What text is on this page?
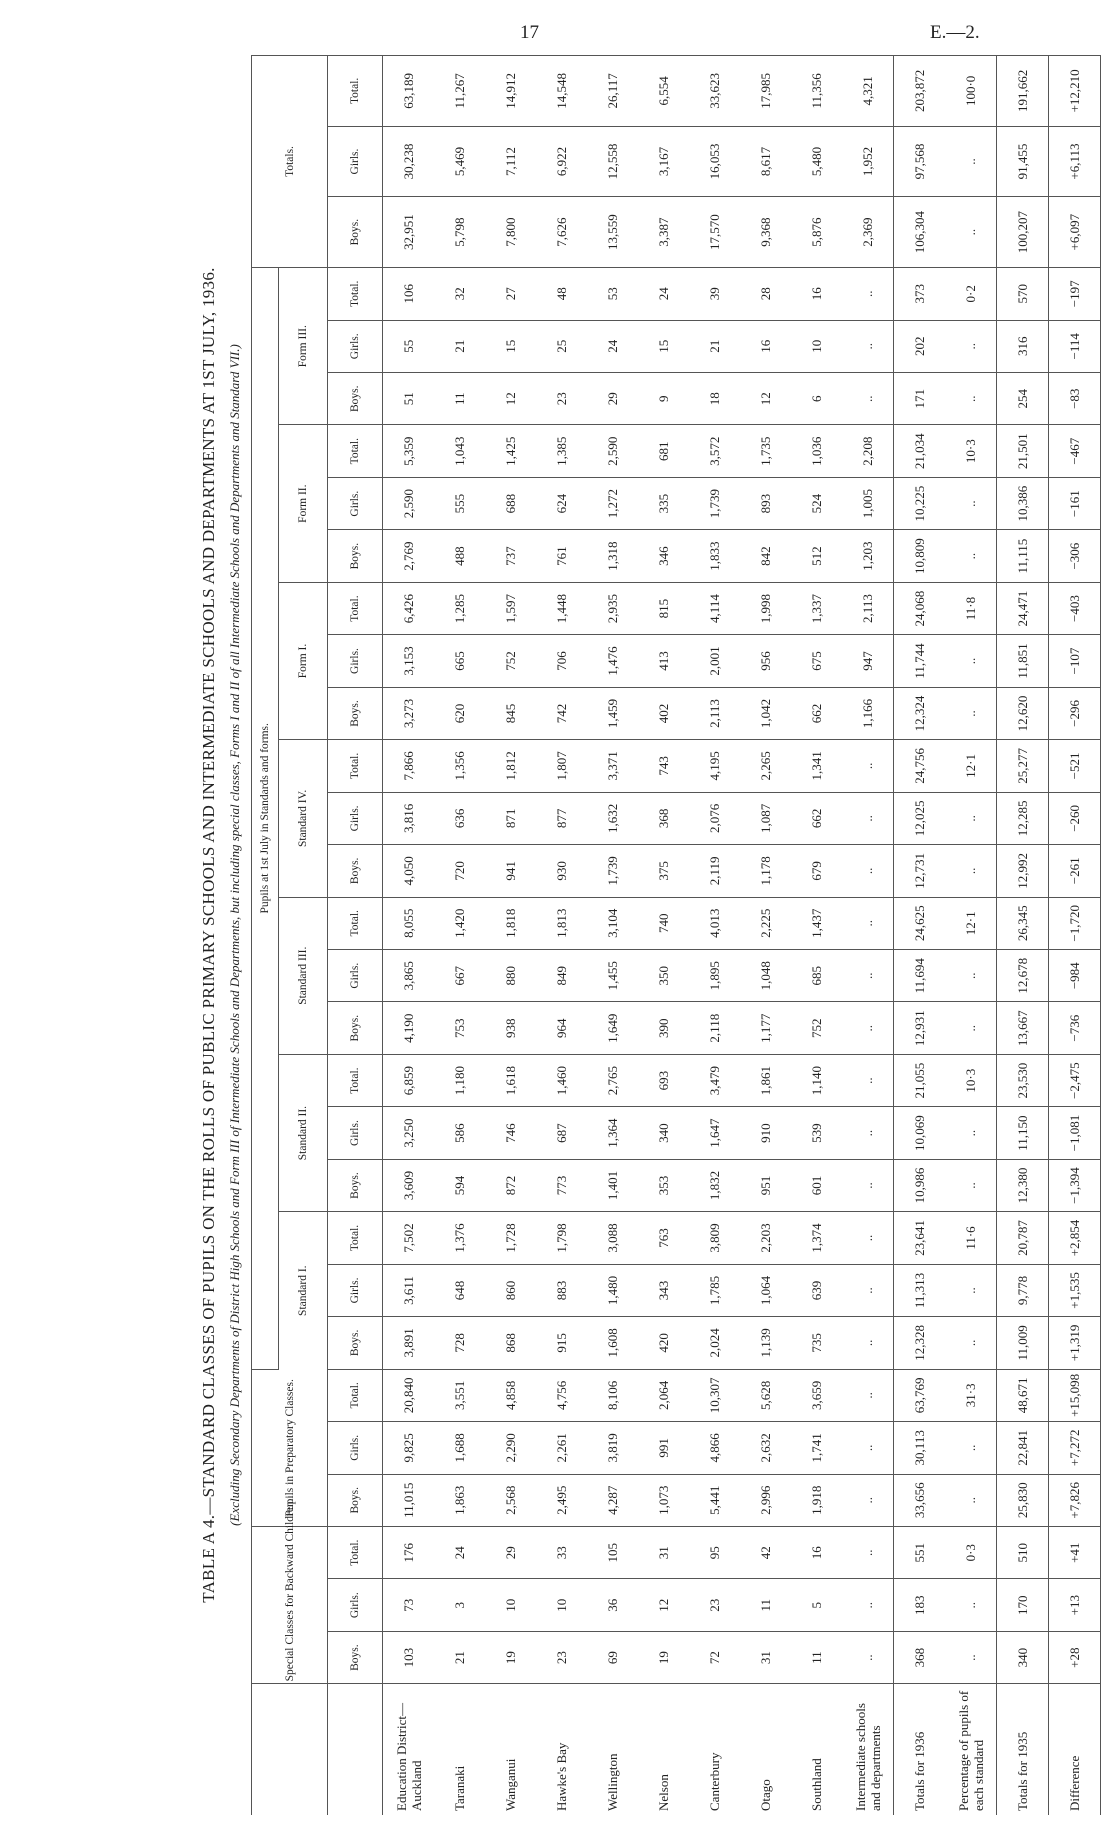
17	E.—2.
TABLE A 4.—STANDARD CLASSES OF PUPILS ON THE ROLLS OF PUBLIC PRIMARY SCHOOLS AND INTERMEDIATE SCHOOLS AND DEPARTMENTS AT 1ST JULY, 1936. (Excluding Secondary Departments of District High Schools and Form III of Intermediate Schools and Departments, but including special classes, Forms I and II of all Intermediate Schools and Departments and Standard VII.)
	Special Classes for Backward Children.			Pupils in Preparatory Classes.			Pupils at 1st July in Standards and forms.																					Totals.		
							Standard I.			Standard II.			Standard III.			Standard IV.			Form I.			Form II.			Form III.					
	Boys.	Girls.	Total.	Boys.	Girls.	Total.	Boys.	Girls.	Total.	Boys.	Girls.	Total.	Boys.	Girls.	Total.	Boys.	Girls.	Total.	Boys.	Girls.	Total.	Boys.	Girls.	Total.	Boys.	Girls.	Total.	Boys.	Girls.	Total.
Education District— Auckland	103	73	176	11,015	9,825	20,840	3,891	3,611	7,502	3,609	3,250	6,859	4,190	3,865	8,055	4,050	3,816	7,866	3,273	3,153	6,426	2,769	2,590	5,359	51	55	106	32,951	30,238	63,189
Taranaki	21	3	24	1,863	1,688	3,551	728	648	1,376	594	586	1,180	753	667	1,420	720	636	1,356	620	665	1,285	488	555	1,043	11	21	32	5,798	5,469	11,267
Wanganui	19	10	29	2,568	2,290	4,858	868	860	1,728	872	746	1,618	938	880	1,818	941	871	1,812	845	752	1,597	737	688	1,425	12	15	27	7,800	7,112	14,912
Hawke's Bay	23	10	33	2,495	2,261	4,756	915	883	1,798	773	687	1,460	964	849	1,813	930	877	1,807	742	706	1,448	761	624	1,385	23	25	48	7,626	6,922	14,548
Wellington	69	36	105	4,287	3,819	8,106	1,608	1,480	3,088	1,401	1,364	2,765	1,649	1,455	3,104	1,739	1,632	3,371	1,459	1,476	2,935	1,318	1,272	2,590	29	24	53	13,559	12,558	26,117
Nelson	19	12	31	1,073	991	2,064	420	343	763	353	340	693	390	350	740	375	368	743	402	413	815	346	335	681	9	15	24	3,387	3,167	6,554
Canterbury	72	23	95	5,441	4,866	10,307	2,024	1,785	3,809	1,832	1,647	3,479	2,118	1,895	4,013	2,119	2,076	4,195	2,113	2,001	4,114	1,833	1,739	3,572	18	21	39	17,570	16,053	33,623
Otago	31	11	42	2,996	2,632	5,628	1,139	1,064	2,203	951	910	1,861	1,177	1,048	2,225	1,178	1,087	2,265	1,042	956	1,998	842	893	1,735	12	16	28	9,368	8,617	17,985
Southland	11	5	16	1,918	1,741	3,659	735	639	1,374	601	539	1,140	752	685	1,437	679	662	1,341	662	675	1,337	512	524	1,036	6	10	16	5,876	5,480	11,356
Intermediate schools and departments	..	..	..	..	..	..	..	..	..	..	..	..	..	..	..	..	..	..	1,166	947	2,113	1,203	1,005	2,208	..	..	..	2,369	1,952	4,321
Totals for 1936	368	183	551	33,656	30,113	63,769	12,328	11,313	23,641	10,986	10,069	21,055	12,931	11,694	24,625	12,731	12,025	24,756	12,324	11,744	24,068	10,809	10,225	21,034	171	202	373	106,304	97,568	203,872
Percentage of pupils of each standard	..	..	0·3	..	..	31·3	..	..	11·6	..	..	10·3	..	..	12·1	..	..	12·1	..	..	11·8	..	..	10·3	..	..	0·2	..	..	100·0
Totals for 1935	340	170	510	25,830	22,841	48,671	11,009	9,778	20,787	12,380	11,150	23,530	13,667	12,678	26,345	12,992	12,285	25,277	12,620	11,851	24,471	11,115	10,386	21,501	254	316	570	100,207	91,455	191,662
Difference	+28	+13	+41	+7,826	+7,272	+15,098	+1,319	+1,535	+2,854	−1,394	−1,081	−2,475	−736	−984	−1,720	−261	−260	−521	−296	−107	−403	−306	−161	−467	−83	−114	−197	+6,097	+6,113	+12,210
